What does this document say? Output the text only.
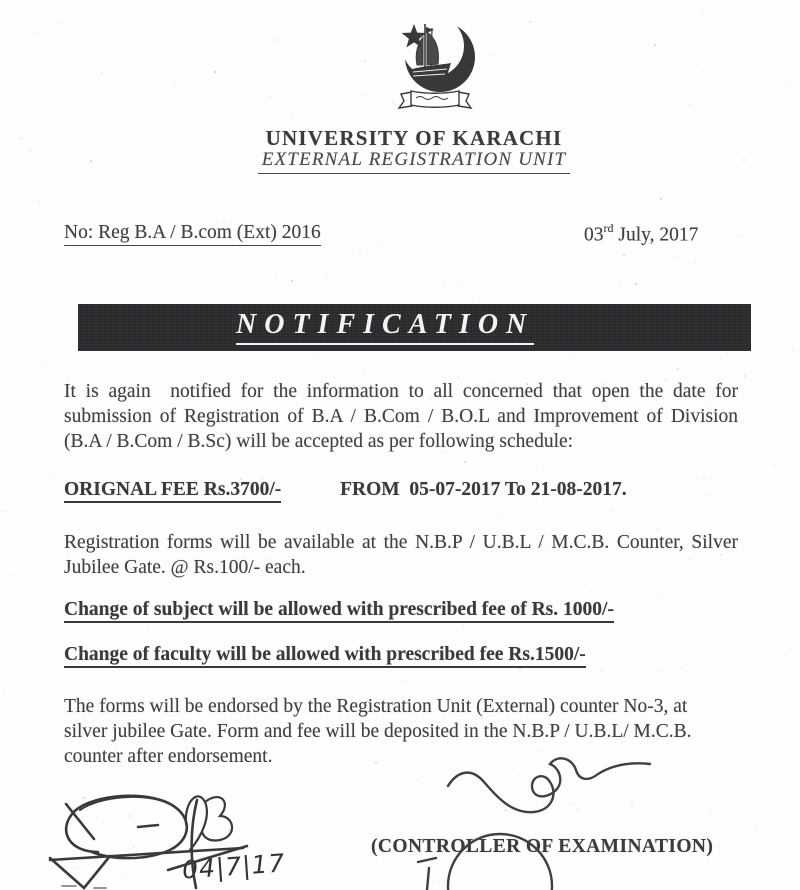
UNIVERSITY OF KARACHI
EXTERNAL REGISTRATION UNIT
No: Reg B.A / B.com (Ext) 2016	03rd July, 2017
NOTIFICATION

It is again  notified for the information to all concerned that open the date for submission of Registration of B.A / B.Com / B.O.L and Improvement of Division (B.A / B.Com / B.Sc) will be accepted as per following schedule:

ORIGNAL FEE Rs.3700/-	FROM  05-07-2017 To 21-08-2017.

Registration forms will be available at the N.B.P / U.B.L / M.C.B. Counter, Silver Jubilee Gate. @ Rs.100/- each.

Change of subject will be allowed with prescribed fee of Rs. 1000/-
Change of faculty will be allowed with prescribed fee Rs.1500/-

The forms will be endorsed by the Registration Unit (External) counter No-3, at silver jubilee Gate. Form and fee will be deposited in the N.B.P / U.B.L/ M.C.B. counter after endorsement.

(CONTROLLER OF EXAMINATION)
04|7|17
